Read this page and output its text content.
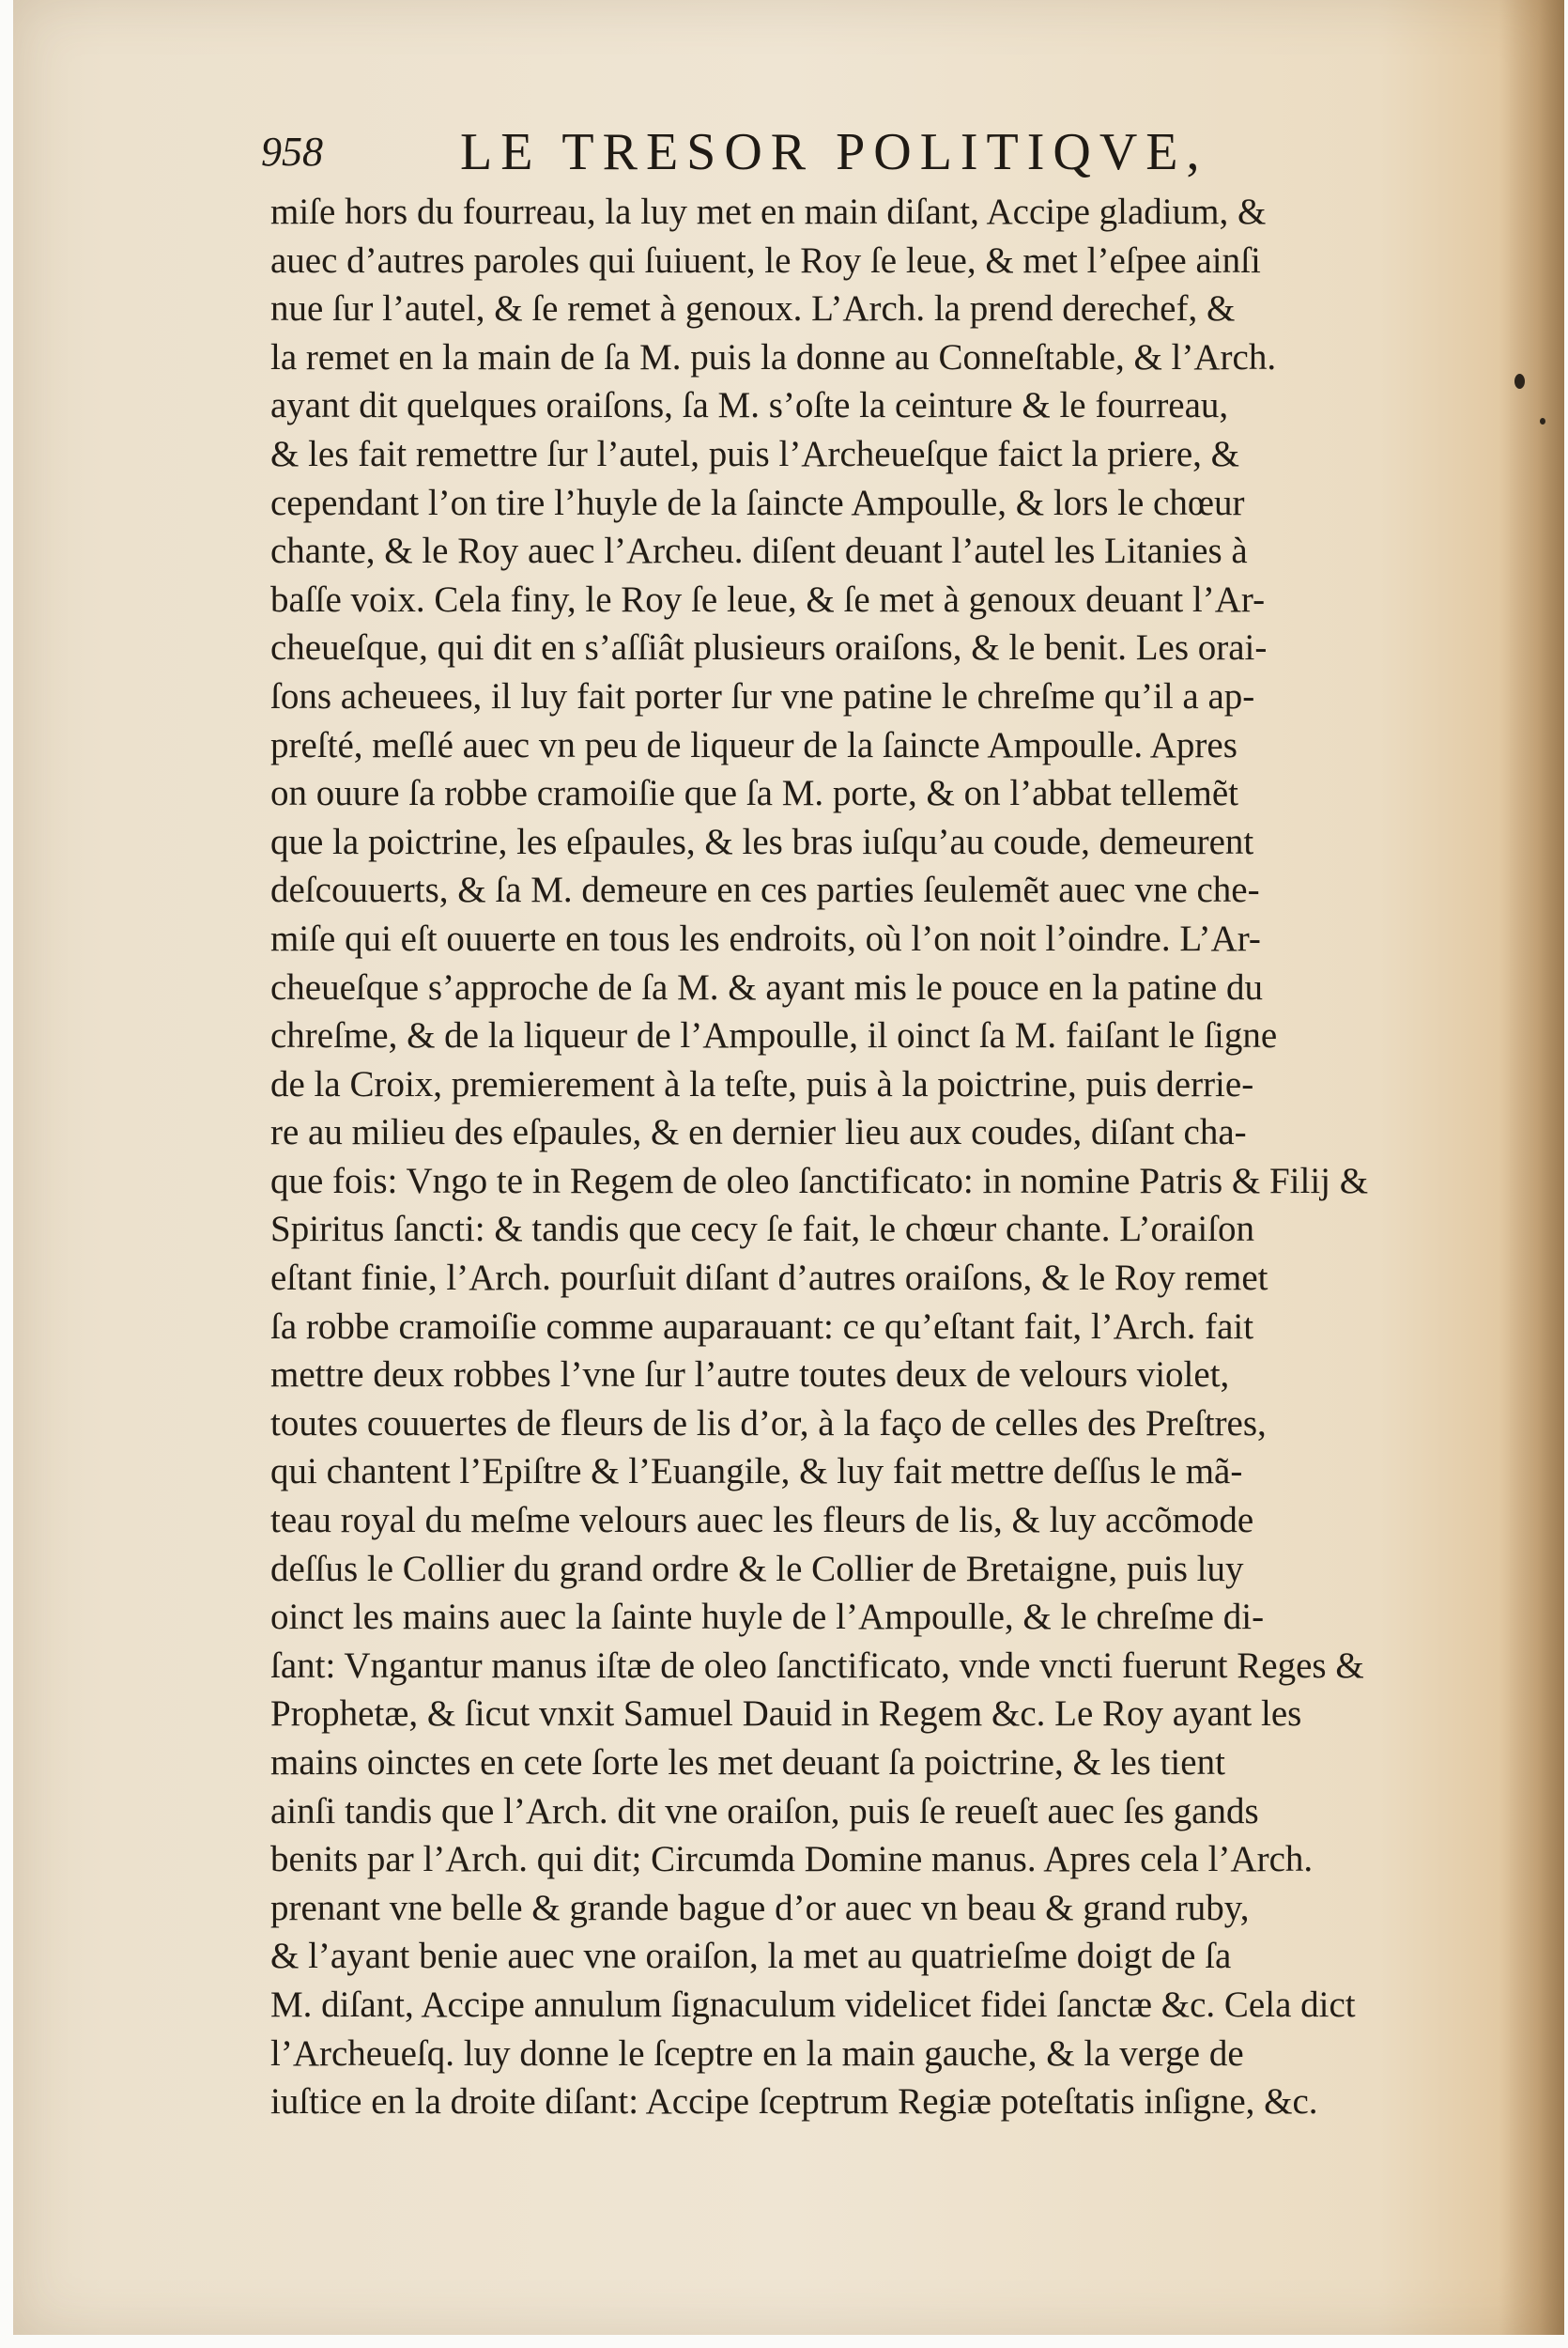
958	LE TRESOR POLITIQVE,
miſe hors du fourreau, la luy met en main diſant, Accipe gladium, &
auec d’autres paroles qui ſuiuent, le Roy ſe leue, & met l’eſpee ainſi
nue ſur l’autel, & ſe remet à genoux. L’Arch. la prend derechef, &
la remet en la main de ſa M. puis la donne au Conneſtable, & l’Arch.
ayant dit quelques oraiſons, ſa M. s’oſte la ceinture & le fourreau,
& les fait remettre ſur l’autel, puis l’Archeueſque faict la priere, &
cependant l’on tire l’huyle de la ſaincte Ampoulle, & lors le chœur
chante, & le Roy auec l’Archeu. diſent deuant l’autel les Litanies à
baſſe voix. Cela finy, le Roy ſe leue, & ſe met à genoux deuant l’Ar-
cheueſque, qui dit en s’aſſiât plusieurs oraiſons, & le benit. Les orai-
ſons acheuees, il luy fait porter ſur vne patine le chreſme qu’il a ap-
preſté, meſlé auec vn peu de liqueur de la ſaincte Ampoulle. Apres
on ouure ſa robbe cramoiſie que ſa M. porte, & on l’abbat tellemẽt
que la poictrine, les eſpaules, & les bras iuſqu’au coude, demeurent
deſcouuerts, & ſa M. demeure en ces parties ſeulemẽt auec vne che-
miſe qui eſt ouuerte en tous les endroits, où l’on noit l’oindre. L’Ar-
cheueſque s’approche de ſa M. & ayant mis le pouce en la patine du
chreſme, & de la liqueur de l’Ampoulle, il oinct ſa M. faiſant le ſigne
de la Croix, premierement à la teſte, puis à la poictrine, puis derrie-
re au milieu des eſpaules, & en dernier lieu aux coudes, diſant cha-
que fois: Vngo te in Regem de oleo ſanctificato: in nomine Patris & Filij &
Spiritus ſancti: & tandis que cecy ſe fait, le chœur chante. L’oraiſon
eſtant finie, l’Arch. pourſuit diſant d’autres oraiſons, & le Roy remet
ſa robbe cramoiſie comme auparauant: ce qu’eſtant fait, l’Arch. fait
mettre deux robbes l’vne ſur l’autre toutes deux de velours violet,
toutes couuertes de fleurs de lis d’or, à la faço de celles des Preſtres,
qui chantent l’Epiſtre & l’Euangile, & luy fait mettre deſſus le mã-
teau royal du meſme velours auec les fleurs de lis, & luy accõmode
deſſus le Collier du grand ordre & le Collier de Bretaigne, puis luy
oinct les mains auec la ſainte huyle de l’Ampoulle, & le chreſme di-
ſant: Vngantur manus iſtæ de oleo ſanctificato, vnde vncti fuerunt Reges &
Prophetæ, & ſicut vnxit Samuel Dauid in Regem &c. Le Roy ayant les
mains oinctes en cete ſorte les met deuant ſa poictrine, & les tient
ainſi tandis que l’Arch. dit vne oraiſon, puis ſe reueſt auec ſes gands
benits par l’Arch. qui dit; Circumda Domine manus. Apres cela l’Arch.
prenant vne belle & grande bague d’or auec vn beau & grand ruby,
& l’ayant benie auec vne oraiſon, la met au quatrieſme doigt de ſa
M. diſant, Accipe annulum ſignaculum videlicet fidei ſanctæ &c. Cela dict
l’Archeueſq. luy donne le ſceptre en la main gauche, & la verge de
iuſtice en la droite diſant: Accipe ſceptrum Regiæ poteſtatis inſigne, &c.
